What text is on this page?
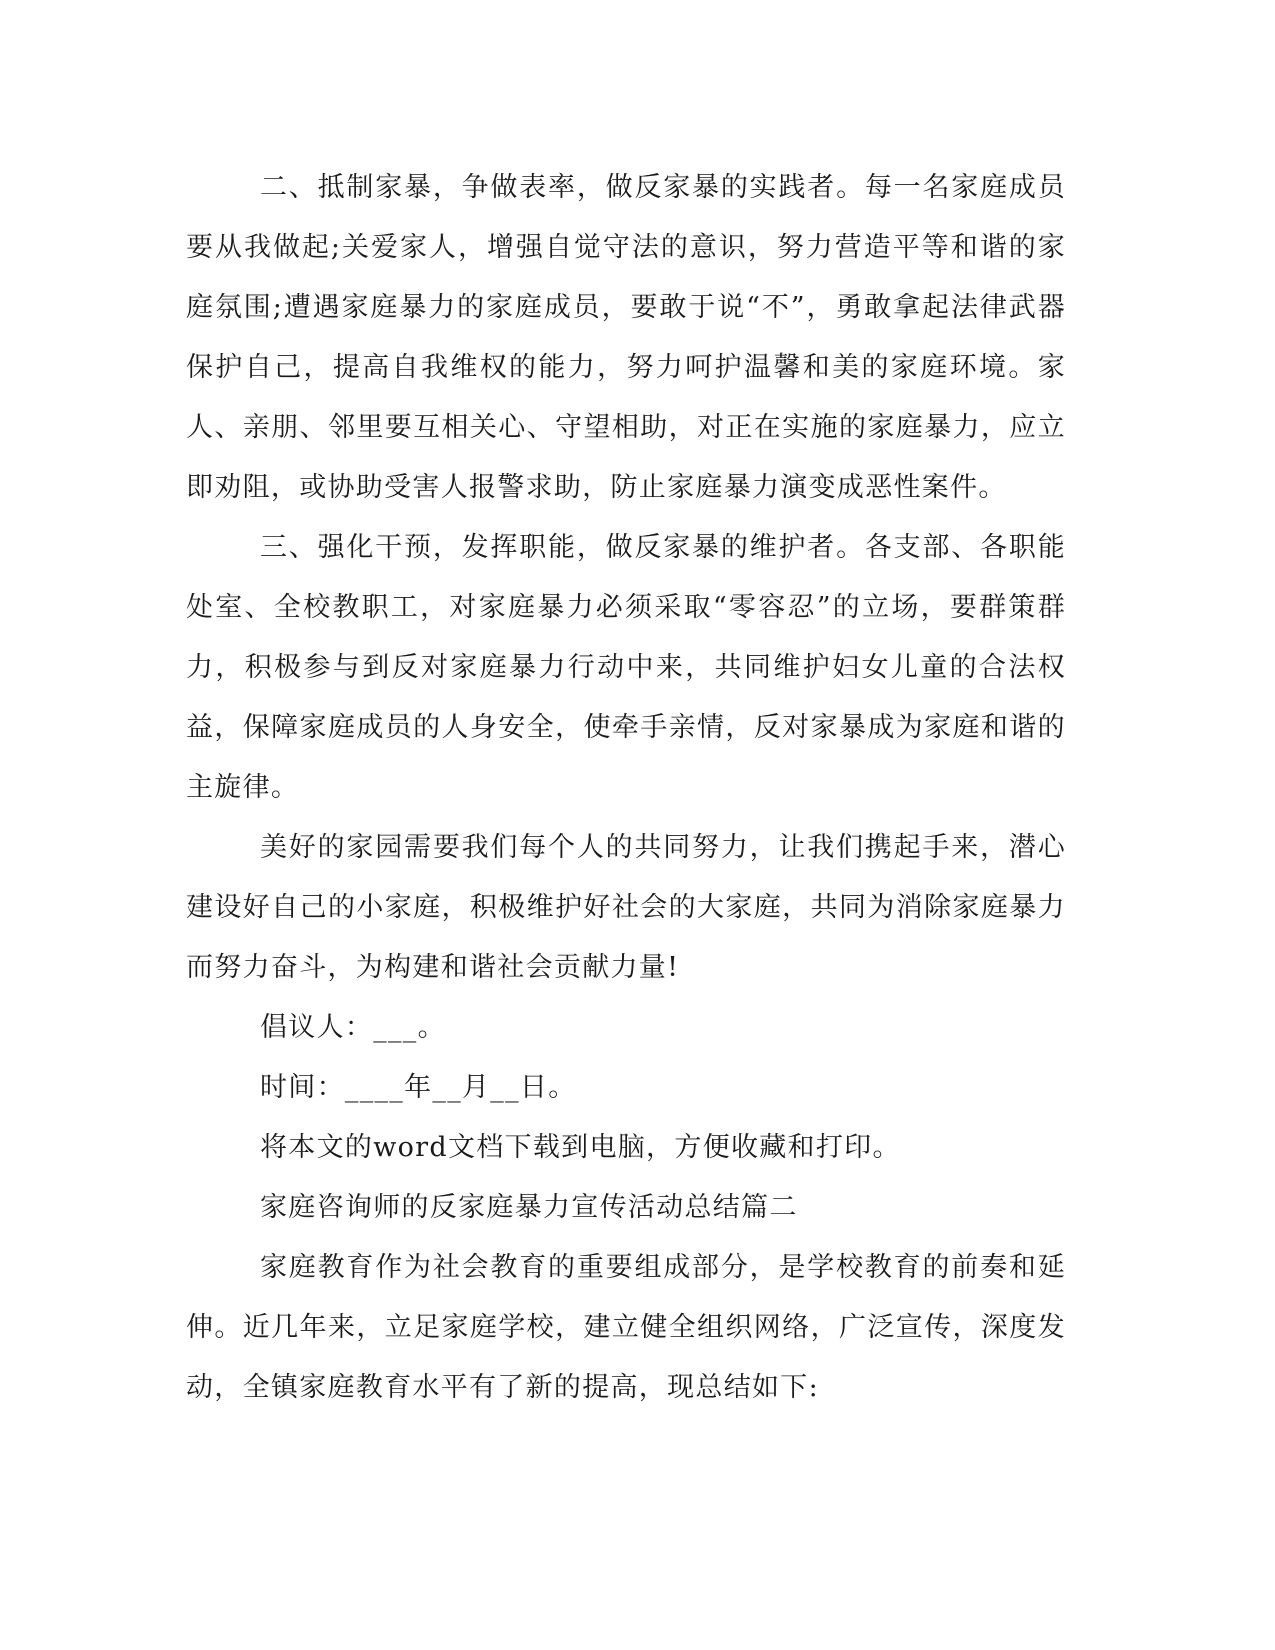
二、抵制家暴，争做表率，做反家暴的实践者。每一名家庭成员要从我做起;关爱家人，增强自觉守法的意识，努力营造平等和谐的家庭氛围;遭遇家庭暴力的家庭成员，要敢于说“不”，勇敢拿起法律武器保护自己，提高自我维权的能力，努力呵护温馨和美的家庭环境。家人、亲朋、邻里要互相关心、守望相助，对正在实施的家庭暴力，应立即劝阻，或协助受害人报警求助，防止家庭暴力演变成恶性案件。

三、强化干预，发挥职能，做反家暴的维护者。各支部、各职能处室、全校教职工，对家庭暴力必须采取“零容忍”的立场，要群策群力，积极参与到反对家庭暴力行动中来，共同维护妇女儿童的合法权益，保障家庭成员的人身安全，使牵手亲情，反对家暴成为家庭和谐的主旋律。

美好的家园需要我们每个人的共同努力，让我们携起手来，潜心建设好自己的小家庭，积极维护好社会的大家庭，共同为消除家庭暴力而努力奋斗，为构建和谐社会贡献力量!

倡议人：___。

时间：____年__月__日。

将本文的word文档下载到电脑，方便收藏和打印。

家庭咨询师的反家庭暴力宣传活动总结篇二

家庭教育作为社会教育的重要组成部分，是学校教育的前奏和延伸。近几年来，立足家庭学校，建立健全组织网络，广泛宣传，深度发动，全镇家庭教育水平有了新的提高，现总结如下:
